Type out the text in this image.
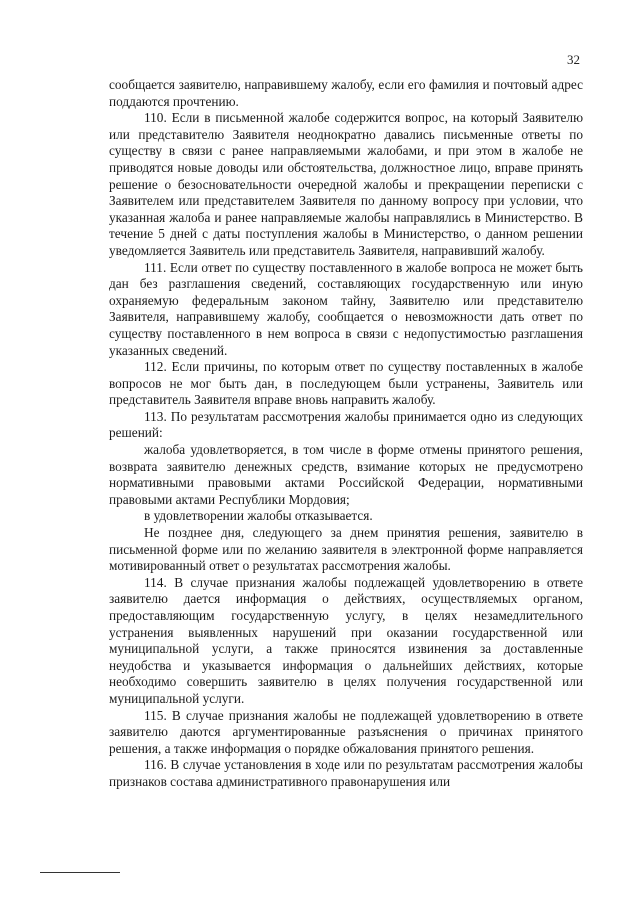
32

сообщается заявителю, направившему жалобу, если его фамилия и почтовый адрес поддаются прочтению.

110. Если в письменной жалобе содержится вопрос, на который Заявителю или представителю Заявителя неоднократно давались письменные ответы по существу в связи с ранее направляемыми жалобами, и при этом в жалобе не приводятся новые доводы или обстоятельства, должностное лицо, вправе принять решение о безосновательности очередной жалобы и прекращении переписки с Заявителем или представителем Заявителя по данному вопросу при условии, что указанная жалоба и ранее направляемые жалобы направлялись в Министерство. В течение 5 дней с даты поступления жалобы в Министерство, о данном решении уведомляется Заявитель или представитель Заявителя, направивший жалобу.

111. Если ответ по существу поставленного в жалобе вопроса не может быть дан без разглашения сведений, составляющих государственную или иную охраняемую федеральным законом тайну, Заявителю или представителю Заявителя, направившему жалобу, сообщается о невозможности дать ответ по существу поставленного в нем вопроса в связи с недопустимостью разглашения указанных сведений.

112. Если причины, по которым ответ по существу поставленных в жалобе вопросов не мог быть дан, в последующем были устранены, Заявитель или представитель Заявителя вправе вновь направить жалобу.

113. По результатам рассмотрения жалобы принимается одно из следующих решений:

жалоба удовлетворяется, в том числе в форме отмены принятого решения, возврата заявителю денежных средств, взимание которых не предусмотрено нормативными правовыми актами Российской Федерации, нормативными правовыми актами Республики Мордовия;

в удовлетворении жалобы отказывается.

Не позднее дня, следующего за днем принятия решения, заявителю в письменной форме или по желанию заявителя в электронной форме направляется мотивированный ответ о результатах рассмотрения жалобы.

114. В случае признания жалобы подлежащей удовлетворению в ответе заявителю дается информация о действиях, осуществляемых органом, предоставляющим государственную услугу, в целях незамедлительного устранения выявленных нарушений при оказании государственной или муниципальной услуги, а также приносятся извинения за доставленные неудобства и указывается информация о дальнейших действиях, которые необходимо совершить заявителю в целях получения государственной или муниципальной услуги.

115. В случае признания жалобы не подлежащей удовлетворению в ответе заявителю даются аргументированные разъяснения о причинах принятого решения, а также информация о порядке обжалования принятого решения.

116. В случае установления в ходе или по результатам рассмотрения жалобы признаков состава административного правонарушения или
